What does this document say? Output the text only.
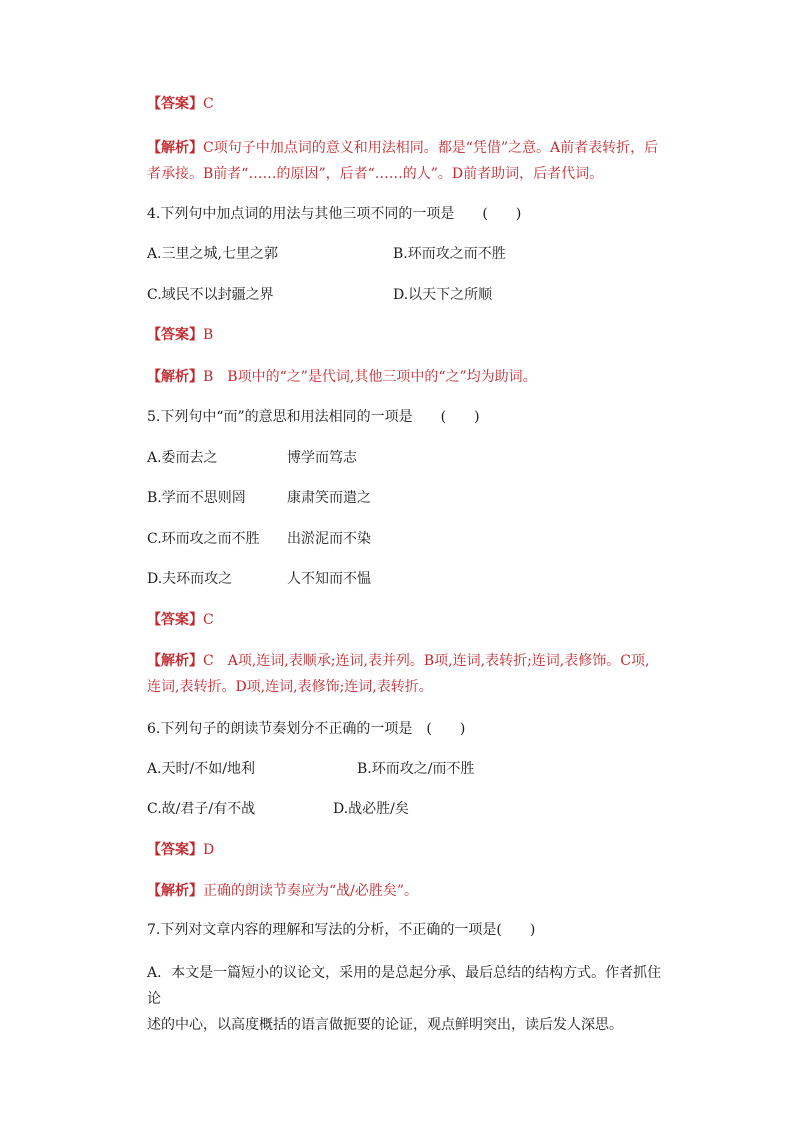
【答案】C
【解析】C项句子中加点词的意义和用法相同。都是“凭借”之意。A前者表转折，后
者承接。B前者“……的原因”，后者“……的人”。D前者助词，后者代词。
4.下列句中加点词的用法与其他三项不同的一项是　　(　　)
A.三里之城,七里之郭	B.环而攻之而不胜
C.域民不以封疆之界	D.以天下之所顺
【答案】B
【解析】B　B项中的“之”是代词,其他三项中的“之”均为助词。
5.下列句中“而”的意思和用法相同的一项是　　(　　)
A.委而去之	博学而笃志
B.学而不思则罔	康肃笑而遣之
C.环而攻之而不胜 出淤泥而不染
D.夫环而攻之	人不知而不愠
【答案】C
【解析】C　A项,连词,表顺承;连词,表并列。B项,连词,表转折;连词,表修饰。C项,
连词,表转折。D项,连词,表修饰;连词,表转折。
6.下列句子的朗读节奏划分不正确的一项是　(　　)
A.天时/不如/地利	B.环而攻之/而不胜
C.故/君子/有不战	D.战必胜/矣
【答案】D
【解析】正确的朗读节奏应为“战/必胜矣”。
7.下列对文章内容的理解和写法的分析，不正确的一项是(　　)
A．本文是一篇短小的议论文，采用的是总起分承、最后总结的结构方式。作者抓住论
述的中心，以高度概括的语言做扼要的论证，观点鲜明突出，读后发人深思。
